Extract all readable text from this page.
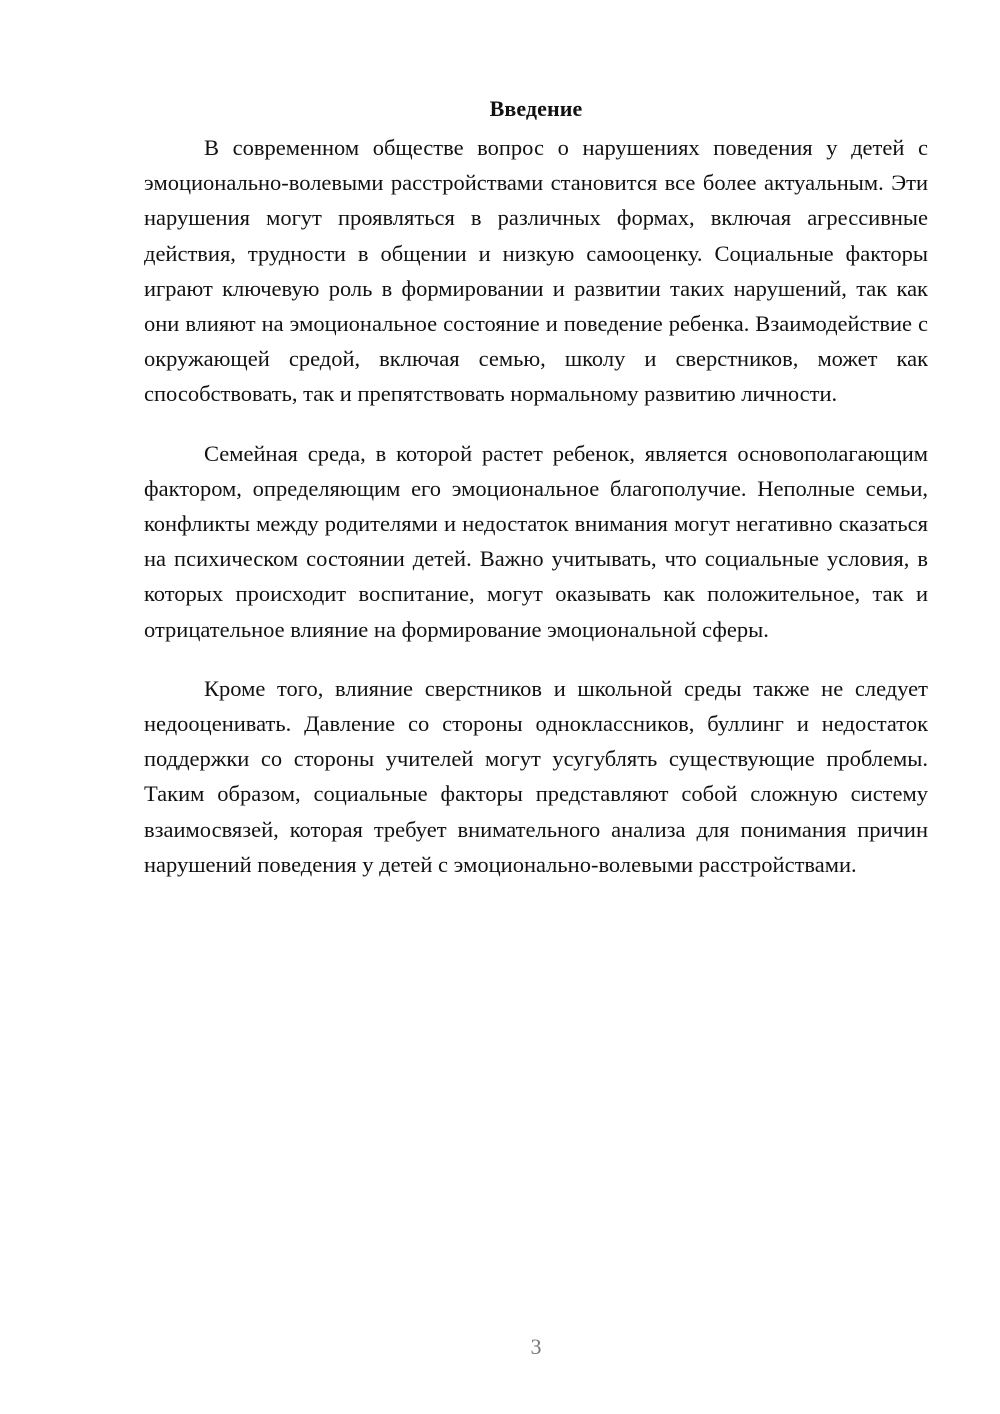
Введение

В современном обществе вопрос о нарушениях поведения у детей с эмоционально-волевыми расстройствами становится все более актуальным. Эти нарушения могут проявляться в различных формах, включая агрессивные действия, трудности в общении и низкую самооценку. Социальные факторы играют ключевую роль в формировании и развитии таких нарушений, так как они влияют на эмоциональное состояние и поведение ребенка. Взаимодействие с окружающей средой, включая семью, школу и сверстников, может как способствовать, так и препятствовать нормальному развитию личности.

Семейная среда, в которой растет ребенок, является основополагающим фактором, определяющим его эмоциональное благополучие. Неполные семьи, конфликты между родителями и недостаток внимания могут негативно сказаться на психическом состоянии детей. Важно учитывать, что социальные условия, в которых происходит воспитание, могут оказывать как положительное, так и отрицательное влияние на формирование эмоциональной сферы.

Кроме того, влияние сверстников и школьной среды также не следует недооценивать. Давление со стороны одноклассников, буллинг и недостаток поддержки со стороны учителей могут усугублять существующие проблемы. Таким образом, социальные факторы представляют собой сложную систему взаимосвязей, которая требует внимательного анализа для понимания причин нарушений поведения у детей с эмоционально-волевыми расстройствами.

3
